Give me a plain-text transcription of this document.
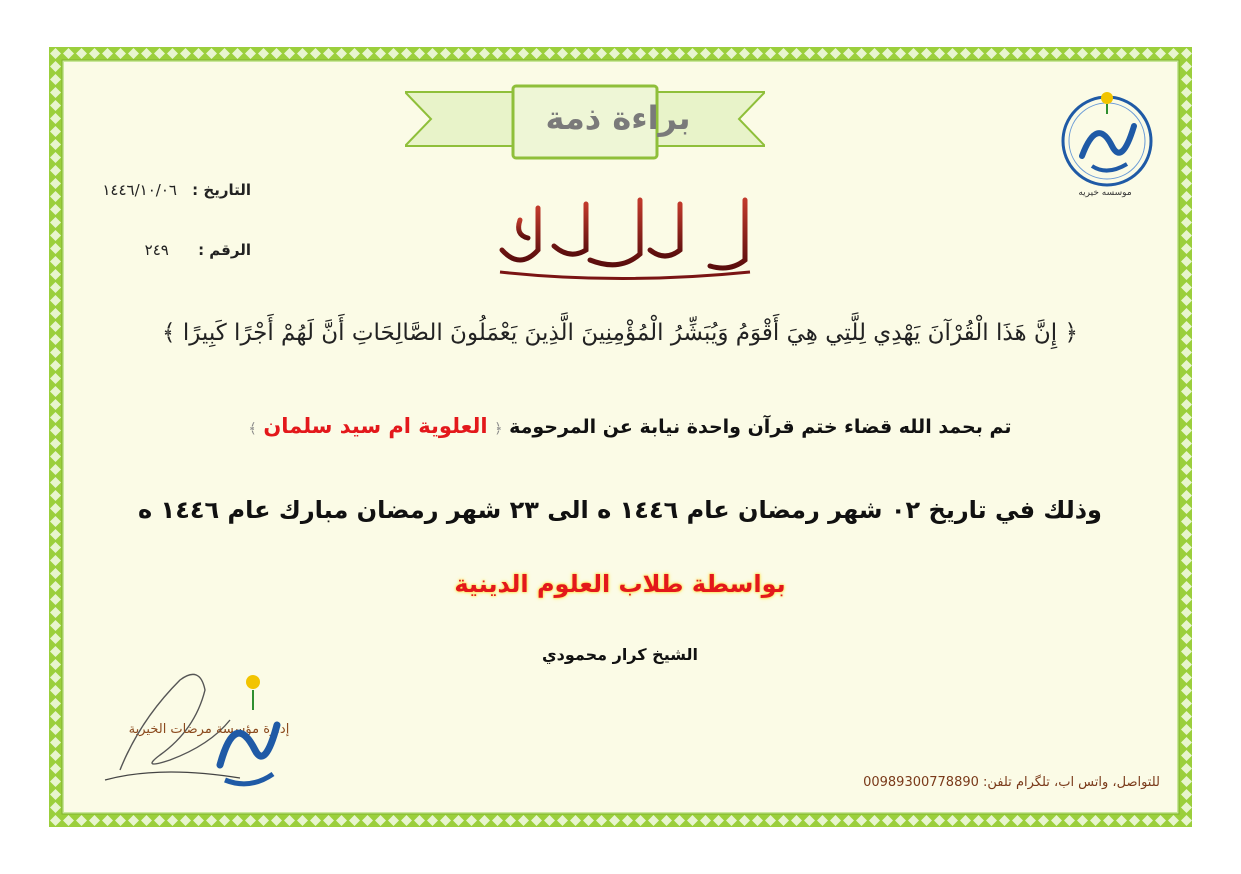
براءة ذمة
موسسه خيريه
التاريخ : ١٤٤٦/١٠/٠٦
الرقم : ٢٤٩
﴿ إِنَّ هَذَا الْقُرْآنَ يَهْدِي لِلَّتِي هِيَ أَقْوَمُ وَيُبَشِّرُ الْمُؤْمِنِينَ الَّذِينَ يَعْمَلُونَ الصَّالِحَاتِ أَنَّ لَهُمْ أَجْرًا كَبِيرًا ﴾
تم بحمد الله قضاء ختم قرآن واحدة نيابة عن المرحومة ﴿ العلوية ام سيد سلمان ﴾
وذلك في تاريخ ٠٢ شهر رمضان عام ١٤٤٦ ه الى ٢٣ شهر رمضان مبارك عام ١٤٤٦ ه
بواسطة طلاب العلوم الدينية
الشيخ كرار محمودي
إدارة مؤسسة مرضات الخيرية
للتواصل، واتس اب، تلگرام تلفن: 00989300778890
